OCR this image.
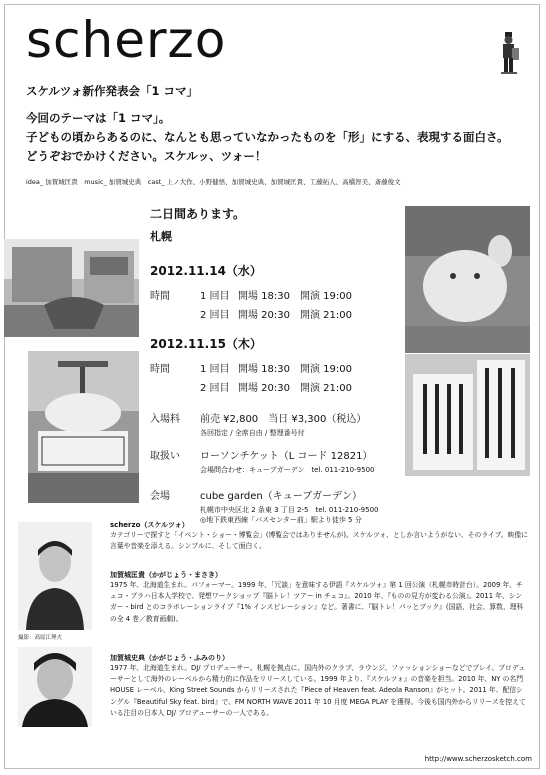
scherzo
スケルツォ新作発表会「1 コマ」
今回のテーマは「1 コマ」。
子どもの頃からあるのに、なんとも思っていなかったものを「形」にする、表現する面白さ。
どうぞおでかけください。スケルッ、ツォー！
idea_ 加賀城匡貴　music_ 加賀城史典　cast_ 上ノ大作、小野健悟、加賀城史典、加賀城匡貴、工藤拓人、高橋智美、斎藤俊文
二日間あります。
札幌
2012.11.14（水）
時間	1 回目 開場 18:30	開演 19:00
2 回目 開場 20:30	開演 21:00
2012.11.15（木）
時間	1 回目 開場 18:30	開演 19:00
2 回目 開場 20:30	開演 21:00
入場料	前売 ¥2,800　当日 ¥3,300（税込）
各回指定 / 全席自由 / 整理番号付
取扱い	ローソンチケット（L コード 12821）
会場問合わせ：キューブガーデン　tel. 011-210-9500
会場	cube garden（キューブガーデン）
札幌市中央区北 2 条東 3 丁目 2-5　tel. 011-210-9500
◎地下鉄東西線「バスセンター前」駅より徒歩 5 分
撮影：高原江理夫
scherzo（スケルツォ）
カテゴリーで探すと「イベント・ショー・博覧会」(博覧会ではありませんが)。スケルツォ、としか言いようがない、そのライブ。映像に言葉や音楽を添える。シンプルに、そして面白く。
加賀城匡貴（かがじょう・まさき）
1975 年、北海道生まれ。パフォーマー。1999 年、「冗談」を意味する伊語『スケルツォ』第 1 回公演（札幌市時計台）。2009 年、チェコ・プラハ日本人学校で、発想ワークショップ『脳トレ！ツアー in チェコ』。2010 年、『ものの見方が変わる公演』。2011 年、シンガー・bird とのコラボレーションライブ『1% インスピレーション』など。著書に、『脳トレ！パッとブック』(国語、社会、算数、理科の全 4 巻／教育画劇)。
加賀城史典（かがじょう・ふみのり）
1977 年、北海道生まれ。DJ/ プロデューサー。札幌を拠点に、国内外のクラブ、ラウンジ、ファッションショーなどでプレイ。プロデューサーとして海外のレーベルから精力的に作品をリリースしている。1999 年より、『スケルツォ』の音楽を担当。2010 年、NY の名門 HOUSE レーベル、King Street Sounds からリリースされた『Piece of Heaven feat. Adeola Ranson』がヒット。2011 年、配信シングル『Beautiful Sky feat. bird』で、FM NORTH WAVE 2011 年 10 月度 MEGA PLAY を獲得。今後も国内外からリリースを控えている注目の日本人 DJ/ プロデューサーの一人である。
http://www.scherzosketch.com
